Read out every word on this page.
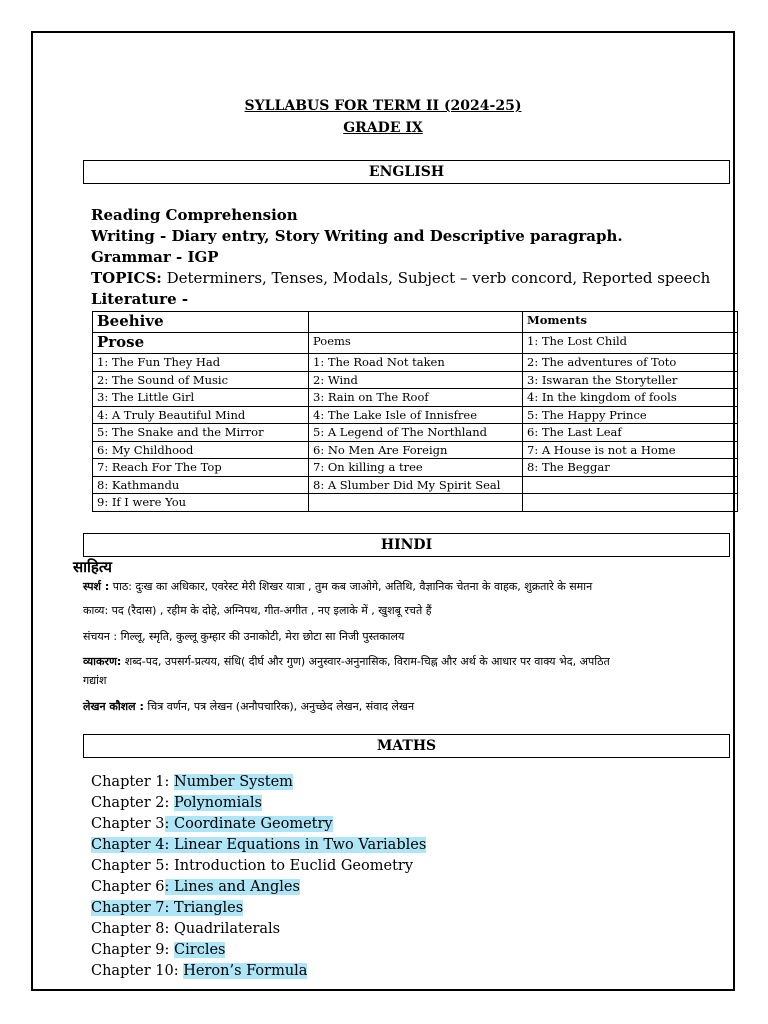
SYLLABUS FOR TERM II (2024-25)
GRADE IX
ENGLISH
Reading Comprehension
Writing - Diary entry, Story Writing and Descriptive paragraph.
Grammar - IGP
TOPICS: Determiners, Tenses, Modals, Subject – verb concord, Reported speech
Literature -
Beehive		Moments
Prose	Poems	1: The Lost Child
1: The Fun They Had	1: The Road Not taken	2: The adventures of Toto
2: The Sound of Music	2: Wind	3: Iswaran the Storyteller
3: The Little Girl	3: Rain on The Roof	4: In the kingdom of fools
4: A Truly Beautiful Mind	4: The Lake Isle of Innisfree	5: The Happy Prince
5: The Snake and the Mirror	5: A Legend of The Northland	6: The Last Leaf
6: My Childhood	6: No Men Are Foreign	7: A House is not a Home
7: Reach For The Top	7: On killing a tree	8: The Beggar
8: Kathmandu	8: A Slumber Did My Spirit Seal	
9: If I were You		
HINDI
साहित्य
स्पर्श : पाठ: दुःख का अधिकार, एवरेस्ट मेरी शिखर यात्रा , तुम कब जाओगे, अतिथि, वैज्ञानिक चेतना के वाहक, शुक्रतारे के समान
काव्य: पद (रैदास) , रहीम के दोहे, अग्निपथ, गीत-अगीत , नए इलाके में , खुशबू रचते हैं
संचयन : गिल्लू, स्मृति, कुल्लू कुम्हार की उनाकोटी, मेरा छोटा सा निजी पुस्तकालय
व्याकरण: शब्द-पद, उपसर्ग-प्रत्यय, संधि( दीर्घ और गुण) अनुस्वार-अनुनासिक, विराम-चिह्न और अर्थ के आधार पर वाक्य भेद, अपठित
गद्यांश
लेखन कौशल : चित्र वर्णन, पत्र लेखन (अनौपचारिक), अनुच्छेद लेखन, संवाद लेखन
MATHS
Chapter 1: Number System
Chapter 2: Polynomials
Chapter 3: Coordinate Geometry
Chapter 4: Linear Equations in Two Variables
Chapter 5: Introduction to Euclid Geometry
Chapter 6: Lines and Angles
Chapter 7: Triangles
Chapter 8: Quadrilaterals
Chapter 9: Circles
Chapter 10: Heron’s Formula
